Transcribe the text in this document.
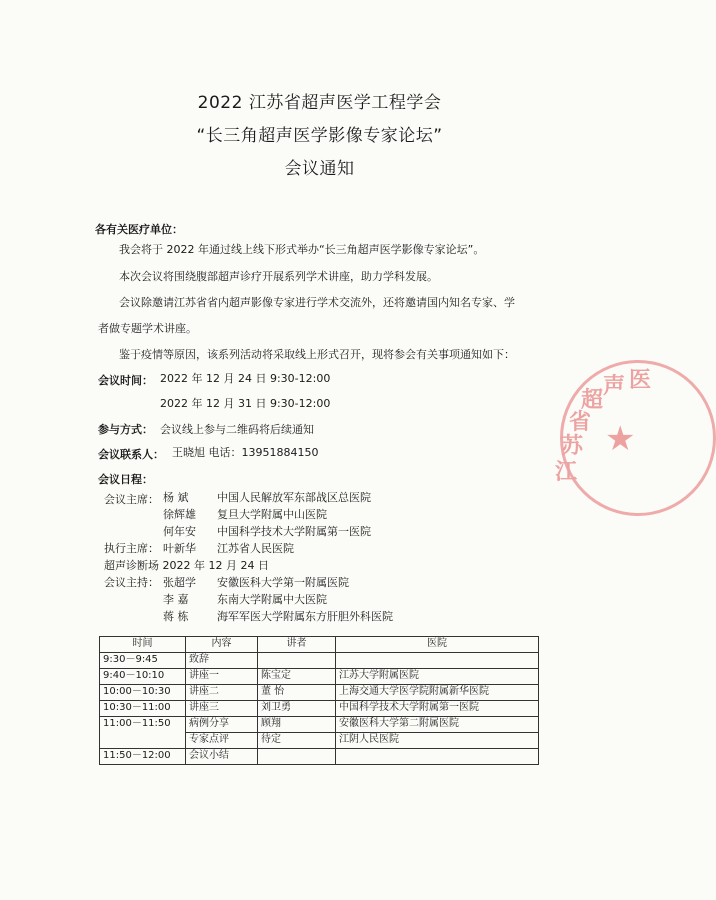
2022 江苏省超声医学工程学会
“长三角超声医学影像专家论坛”
会议通知
各有关医疗单位：
我会将于 2022 年通过线上线下形式举办“长三角超声医学影像专家论坛”。
本次会议将围绕腹部超声诊疗开展系列学术讲座，助力学科发展。
会议除邀请江苏省省内超声影像专家进行学术交流外，还将邀请国内知名专家、学
者做专题学术讲座。
鉴于疫情等原因，该系列活动将采取线上形式召开，现将参会有关事项通知如下：
会议时间： 2022 年 12 月 24 日 9:30-12:00
2022 年 12 月 31 日 9:30-12:00
参与方式： 会议线上参与二维码将后续通知
会议联系人： 王晓旭 电话：13951884150
会议日程：
会议主席： 杨 斌	中国人民解放军东部战区总医院
徐辉雄 复旦大学附属中山医院
何年安 中国科学技术大学附属第一医院
执行主席： 叶新华 江苏省人民医院
超声诊断场 2022 年 12 月 24 日
会议主持： 张超学 安徽医科大学第一附属医院
李 嘉	东南大学附属中大医院
蒋 栋	海军军医大学附属东方肝胆外科医院
时间	内容	讲者	医院
9:30－9:45	致辞		
9:40－10:10	讲座一	陈宝定	江苏大学附属医院
10:00－10:30	讲座二	董 怡	上海交通大学医学院附属新华医院
10:30－11:00	讲座三	刘卫勇	中国科学技术大学附属第一医院
11:00－11:50	病例分享	顾翔	安徽医科大学第二附属医院
	专家点评	待定	江阴人民医院
11:50－12:00	会议小结		
江
苏
省
超
声 医
★
